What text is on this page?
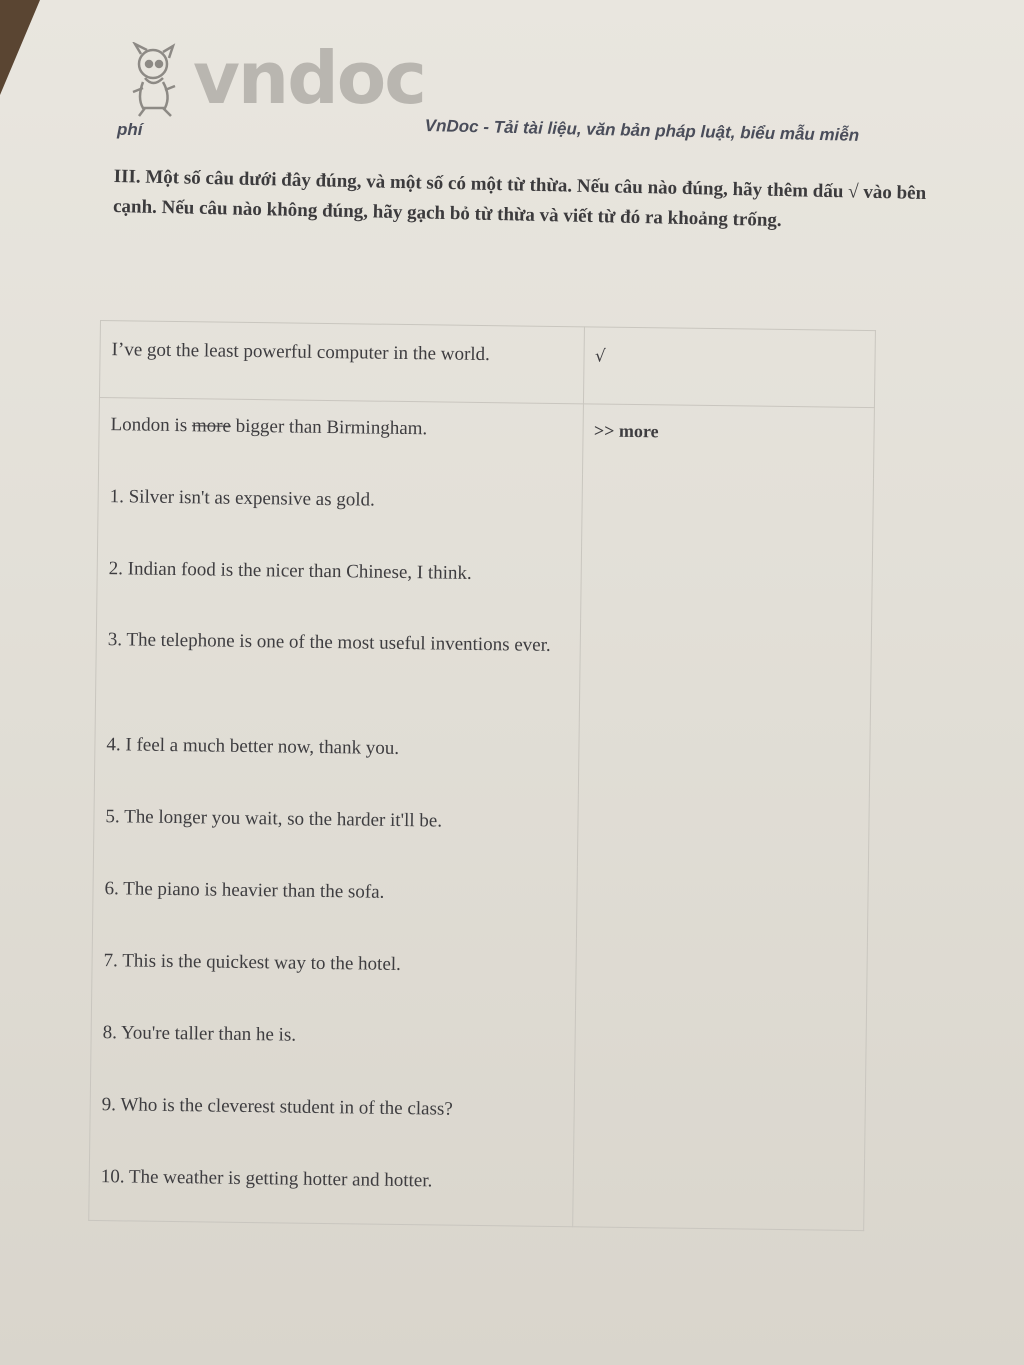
vndoc
phí	VnDoc - Tải tài liệu, văn bản pháp luật, biểu mẫu miễn
III. Một số câu dưới đây đúng, và một số có một từ thừa. Nếu câu nào đúng, hãy thêm dấu √ vào bên cạnh. Nếu câu nào không đúng, hãy gạch bỏ từ thừa và viết từ đó ra khoảng trống.
I’ve got the least powerful computer in the world.	√
London is more bigger than Birmingham.	>> more
1. Silver isn't as expensive as gold.	
2. Indian food is the nicer than Chinese, I think.	
3. The telephone is one of the most useful inventions ever.	
4. I feel a much better now, thank you.	
5. The longer you wait, so the harder it'll be.	
6. The piano is heavier than the sofa.	
7. This is the quickest way to the hotel.	
8. You're taller than he is.	
9. Who is the cleverest student in of the class?	
10. The weather is getting hotter and hotter.	
